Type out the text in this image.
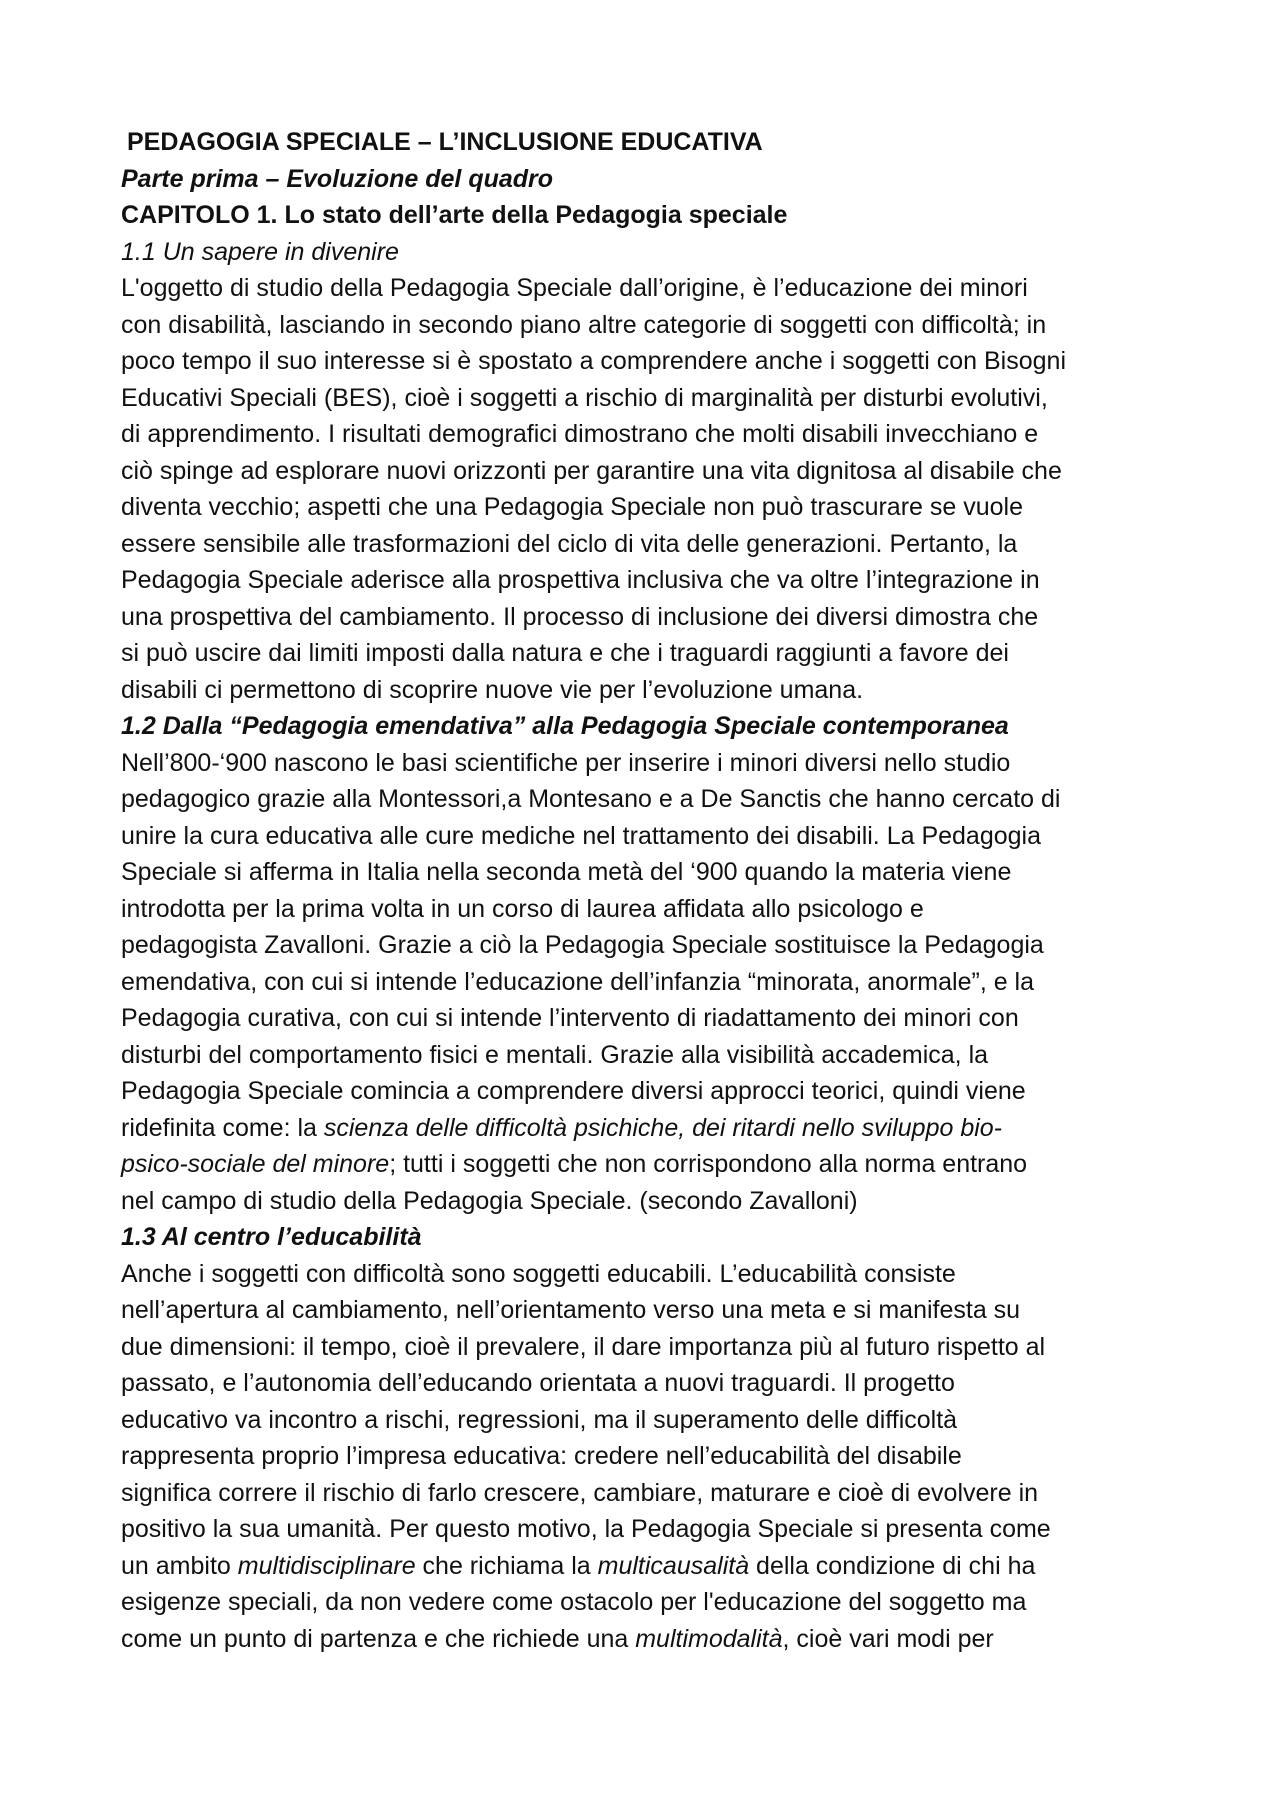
PEDAGOGIA SPECIALE – L’INCLUSIONE EDUCATIVA

Parte prima – Evoluzione del quadro

CAPITOLO 1. Lo stato dell’arte della Pedagogia speciale

1.1 Un sapere in divenire

L'oggetto di studio della Pedagogia Speciale dall’origine, è l’educazione dei minori

con disabilità, lasciando in secondo piano altre categorie di soggetti con difficoltà; in

poco tempo il suo interesse si è spostato a comprendere anche i soggetti con Bisogni

Educativi Speciali (BES), cioè i soggetti a rischio di marginalità per disturbi evolutivi,

di apprendimento. I risultati demografici dimostrano che molti disabili invecchiano e

ciò spinge ad esplorare nuovi orizzonti per garantire una vita dignitosa al disabile che

diventa vecchio; aspetti che una Pedagogia Speciale non può trascurare se vuole

essere sensibile alle trasformazioni del ciclo di vita delle generazioni. Pertanto, la

Pedagogia Speciale aderisce alla prospettiva inclusiva che va oltre l’integrazione in

una prospettiva del cambiamento. Il processo di inclusione dei diversi dimostra che

si può uscire dai limiti imposti dalla natura e che i traguardi raggiunti a favore dei

disabili ci permettono di scoprire nuove vie per l’evoluzione umana.

1.2 Dalla “Pedagogia emendativa” alla Pedagogia Speciale contemporanea

Nell’800-‘900 nascono le basi scientifiche per inserire i minori diversi nello studio

pedagogico grazie alla Montessori,a Montesano e a De Sanctis che hanno cercato di

unire la cura educativa alle cure mediche nel trattamento dei disabili. La Pedagogia

Speciale si afferma in Italia nella seconda metà del ‘900 quando la materia viene

introdotta per la prima volta in un corso di laurea affidata allo psicologo e

pedagogista Zavalloni. Grazie a ciò la Pedagogia Speciale sostituisce la Pedagogia

emendativa, con cui si intende l’educazione dell’infanzia “minorata, anormale”, e la

Pedagogia curativa, con cui si intende l’intervento di riadattamento dei minori con

disturbi del comportamento fisici e mentali. Grazie alla visibilità accademica, la

Pedagogia Speciale comincia a comprendere diversi approcci teorici, quindi viene

ridefinita come: la scienza delle difficoltà psichiche, dei ritardi nello sviluppo bio-

psico-sociale del minore; tutti i soggetti che non corrispondono alla norma entrano

nel campo di studio della Pedagogia Speciale. (secondo Zavalloni)

1.3 Al centro l’educabilità

Anche i soggetti con difficoltà sono soggetti educabili. L’educabilità consiste

nell’apertura al cambiamento, nell’orientamento verso una meta e si manifesta su

due dimensioni: il tempo, cioè il prevalere, il dare importanza più al futuro rispetto al

passato, e l’autonomia dell’educando orientata a nuovi traguardi. Il progetto

educativo va incontro a rischi, regressioni, ma il superamento delle difficoltà

rappresenta proprio l’impresa educativa: credere nell’educabilità del disabile

significa correre il rischio di farlo crescere, cambiare, maturare e cioè di evolvere in

positivo la sua umanità. Per questo motivo, la Pedagogia Speciale si presenta come

un ambito multidisciplinare che richiama la multicausalità della condizione di chi ha

esigenze speciali, da non vedere come ostacolo per l'educazione del soggetto ma

come un punto di partenza e che richiede una multimodalità, cioè vari modi per
